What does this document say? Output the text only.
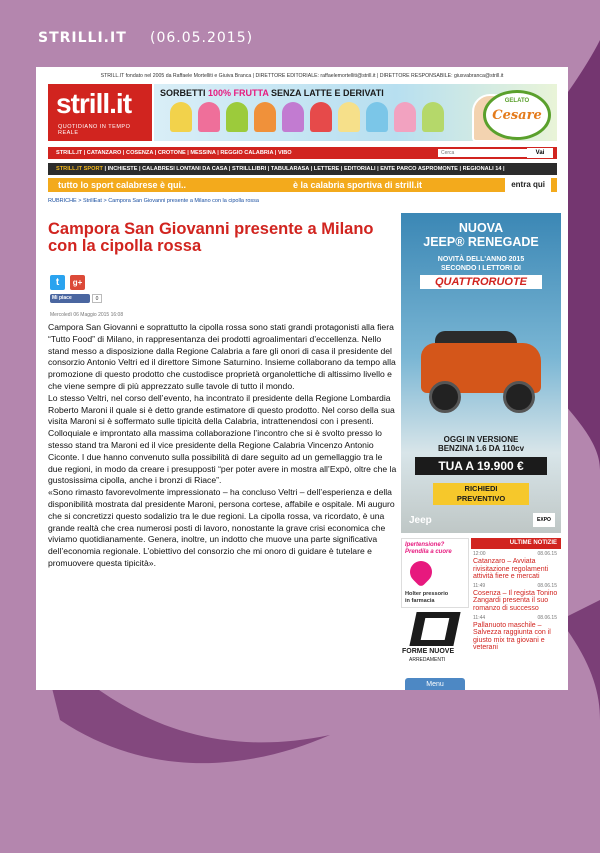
STRILLI.IT (06.05.2015)
STRILL.IT fondato nel 2005 da Raffaele Mortelliti e Giuiva Branca | DIRETTORE EDITORIALE: raffaelemortelliti@strill.it | DIRETTORE RESPONSABILE: giusvabranca@strill.it
strill.it
QUOTIDIANO IN TEMPO REALE
SORBETTI 100% FRUTTA SENZA LATTE E DERIVATI
GELATO
Cesare
STRILL.IT | CATANZARO | COSENZA | CROTONE | MESSINA | REGGIO CALABRIA | VIBO
Cerca	Vai
STRILL.IT SPORT | INCHIESTE | CALABRESI LONTANI DA CASA | STRILLLIBRI | TABULARASA | LETTERE | EDITORIALI | ENTE PARCO ASPROMONTE | REGIONALI 14 |
tutto lo sport calabrese è qui..	è la calabria sportiva di strill.it	entra qui
RUBRICHE > StrillEat > Campora San Giovanni presente a Milano con la cipolla rossa
Campora San Giovanni presente a Milano con la cipolla rossa
t	g+
Mi piace	0
Mercoledì 06 Maggio 2015 16:08

Campora San Giovanni e soprattutto la cipolla rossa sono stati grandi protagonisti alla fiera “Tutto Food” di Milano, in rappresentanza dei prodotti agroalimentari d’eccellenza. Nello stand messo a disposizione dalla Regione Calabria a fare gli onori di casa il presidente del consorzio Antonio Veltri ed il direttore Simone Saturnino. Insieme collaborano da tempo alla promozione di questo prodotto che custodisce proprietà organolettiche di altissimo livello e che viene sempre di più apprezzato sulle tavole di tutto il mondo.

Lo stesso Veltri, nel corso dell’evento, ha incontrato il presidente della Regione Lombardia Roberto Maroni il quale si è detto grande estimatore di questo prodotto. Nel corso della sua visita Maroni si è soffermato sulle tipicità della Calabria, intrattenendosi con i presenti. Colloquiale e improntato alla massima collaborazione l’incontro che si è svolto presso lo stesso stand tra Maroni ed il vice presidente della Regione Calabria Vincenzo Antonio Ciconte. I due hanno convenuto sulla possibilità di dare seguito ad un gemellaggio tra le due regioni, in modo da creare i presupposti “per poter avere in mostra all’Expò, oltre che la gustosissima cipolla, anche i bronzi di Riace”.

«Sono rimasto favorevolmente impressionato – ha concluso Veltri – dell’esperienza e della disponibilità mostrata dal presidente Maroni, persona cortese, affabile e ospitale. Mi auguro che si concretizzi questo sodalizio tra le due regioni. La cipolla rossa, va ricordato, è una grande realtà che crea numerosi posti di lavoro, nonostante la grave crisi economica che viviamo quotidianamente. Genera, inoltre, un indotto che muove una parte significativa dell’economia regionale. L’obiettivo del consorzio che mi onoro di guidare è tutelare e promuovere questa tipicità».

NUOVA
JEEP® RENEGADE
NOVITÀ DELL'ANNO 2015
SECONDO I LETTORI DI
QUATTRORUOTE
OGGI IN VERSIONE
BENZINA 1.6 DA 110cv
TUA A 19.900 €
RICHIEDI
PREVENTIVO
Jeep	EXPO
Ipertensione?
Prendila a cuore
Holter pressorio
in farmacia
FORME NUOVE
ARREDAMENTI
Menu
ULTIME NOTIZIE
12:00	08.06.15
Catanzaro – Avviata rivisitazione regolamenti attività fiere e mercati
11:49	08.06.15
Cosenza – Il regista Tonino Zangardi presenta il suo romanzo di successo
11:44	08.06.15
Pallanuoto maschile – Salvezza raggiunta con il giusto mix tra giovani e veterani
